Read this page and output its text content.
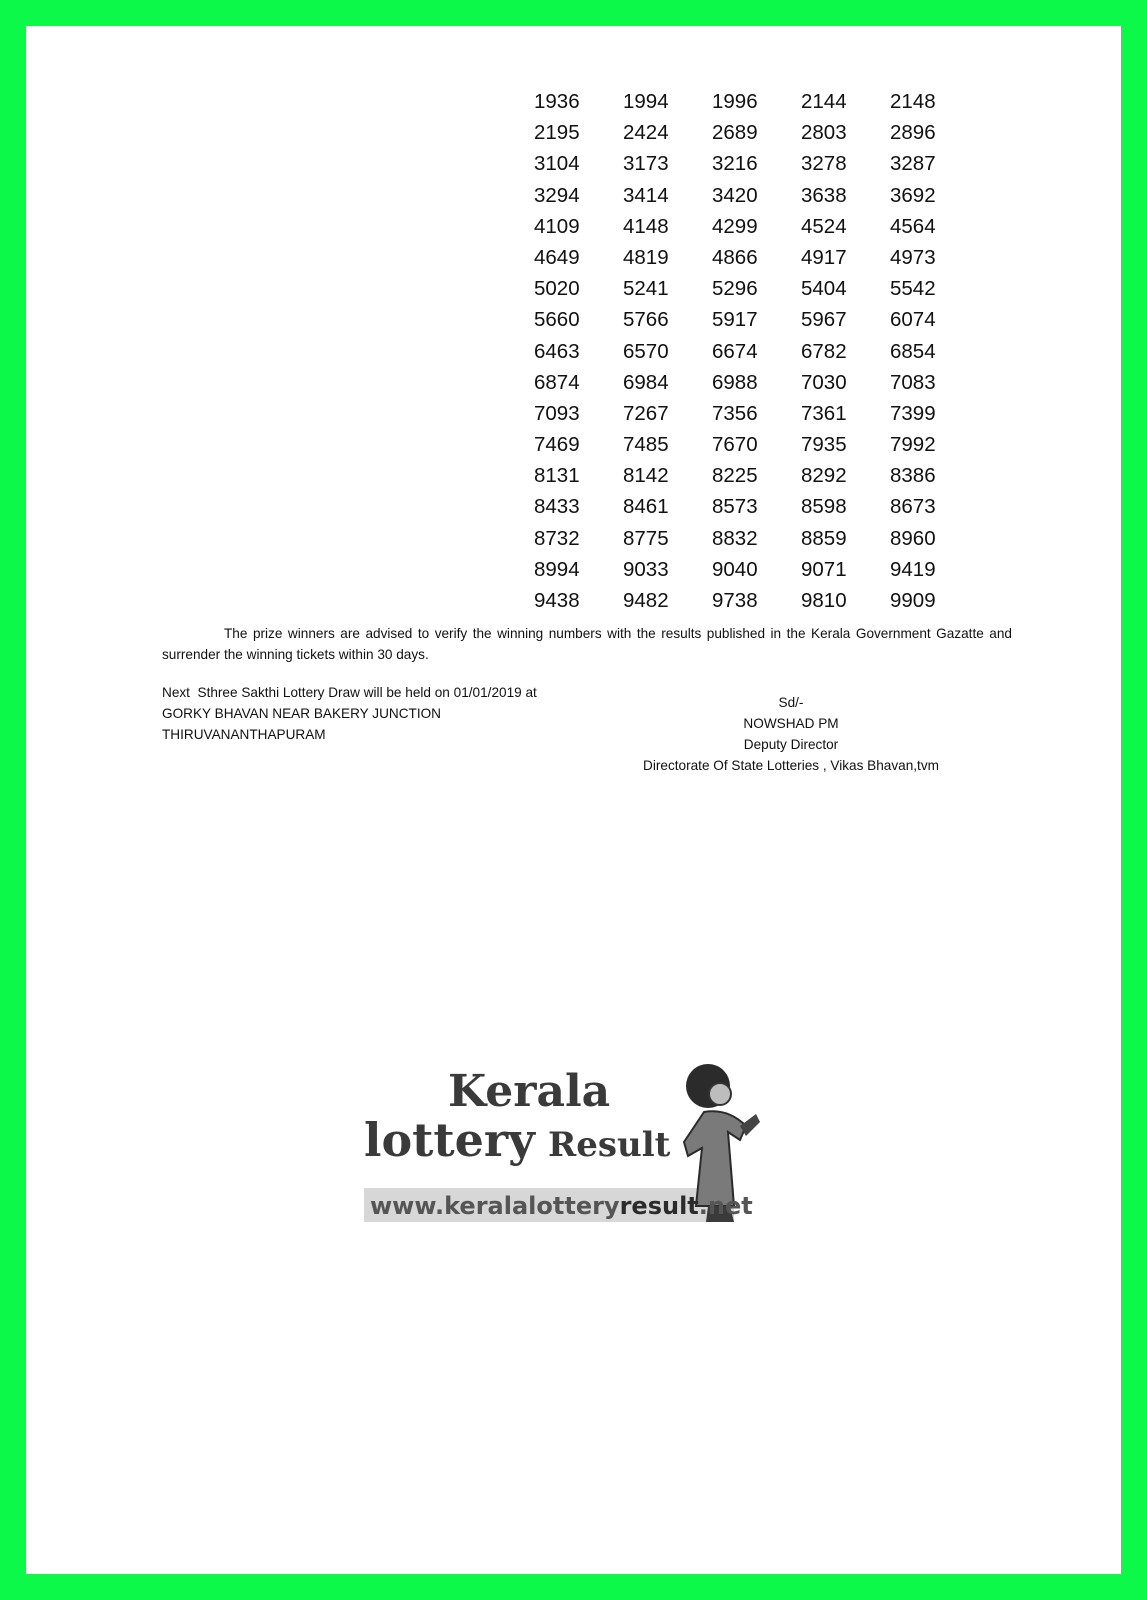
1936	1994	1996	2144	2148
2195	2424	2689	2803	2896
3104	3173	3216	3278	3287
3294	3414	3420	3638	3692
4109	4148	4299	4524	4564
4649	4819	4866	4917	4973
5020	5241	5296	5404	5542
5660	5766	5917	5967	6074
6463	6570	6674	6782	6854
6874	6984	6988	7030	7083
7093	7267	7356	7361	7399
7469	7485	7670	7935	7992
8131	8142	8225	8292	8386
8433	8461	8573	8598	8673
8732	8775	8832	8859	8960
8994	9033	9040	9071	9419
9438	9482	9738	9810	9909
The prize winners are advised to verify the winning numbers with the results published in the Kerala Government Gazatte and surrender the winning tickets within 30 days.
Next  Sthree Sakthi Lottery Draw will be held on 01/01/2019 at
GORKY BHAVAN NEAR BAKERY JUNCTION
THIRUVANANTHAPURAM
Sd/-
NOWSHAD PM
Deputy Director
Directorate Of State Lotteries , Vikas Bhavan,tvm
Kerala
lottery Result
www.keralalotteryresult.net
